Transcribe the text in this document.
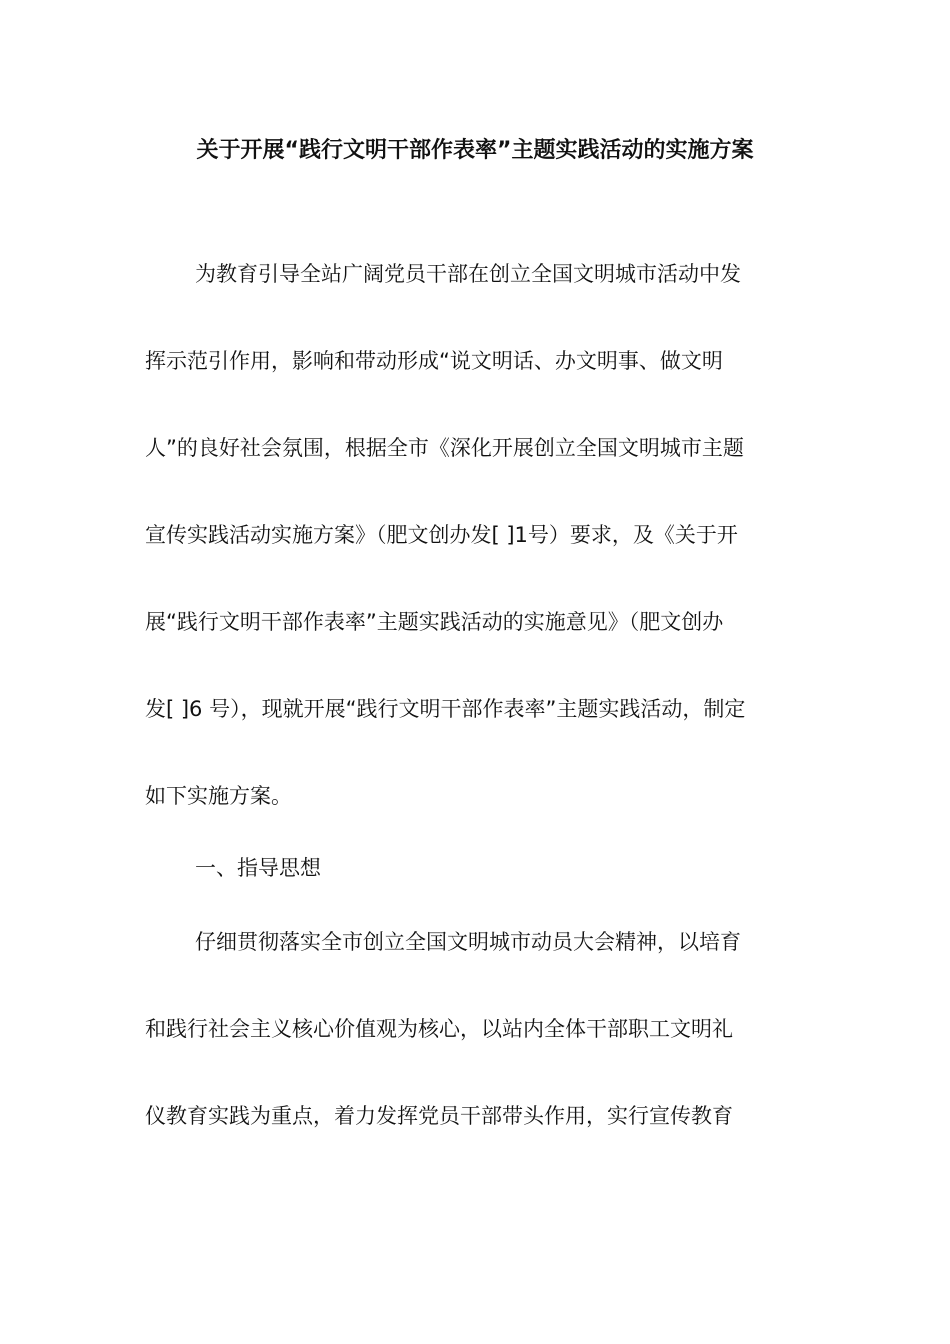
关于开展“践行文明干部作表率”主题实践活动的实施方案
为教育引导全站广阔党员干部在创立全国文明城市活动中发
挥示范引作用，影响和带动形成“说文明话、办文明事、做文明
人”的良好社会氛围，根据全市《深化开展创立全国文明城市主题
宣传实践活动实施方案》（肥文创办发[ ]1号）要求，及《关于开
展“践行文明干部作表率”主题实践活动的实施意见》（肥文创办
发[ ]6 号），现就开展“践行文明干部作表率”主题实践活动，制定
如下实施方案。
一、指导思想
仔细贯彻落实全市创立全国文明城市动员大会精神，以培育
和践行社会主义核心价值观为核心，以站内全体干部职工文明礼
仪教育实践为重点，着力发挥党员干部带头作用，实行宣传教育
